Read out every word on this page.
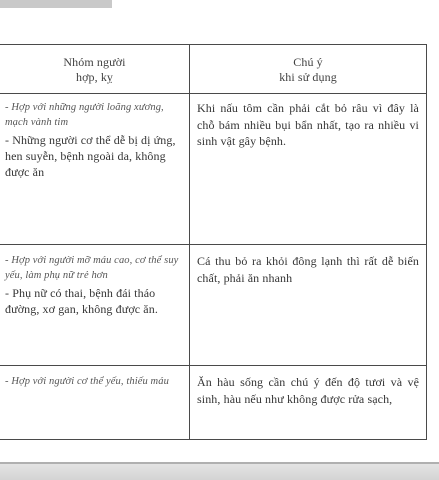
Nhóm người
hợp, kỵ
Chú ý
khi sử dụng
- Hợp với những người loãng xương, mạch vành tim
- Những người cơ thể dễ bị dị ứng, hen suyễn, bệnh ngoài da, không được ăn
Khi nấu tôm cần phải cắt bỏ râu vì đây là chỗ bám nhiều bụi bẩn nhất, tạo ra nhiều vi sinh vật gây bệnh.
- Hợp với người mỡ máu cao, cơ thể suy yếu, làm phụ nữ trẻ hơn
- Phụ nữ có thai, bệnh đái tháo đường, xơ gan, không được ăn.
Cá thu bỏ ra khỏi đông lạnh thì rất dễ biến chất, phải ăn nhanh
- Hợp với người cơ thể yếu, thiếu máu	Ăn hàu sống cần chú ý đến độ tươi và vệ sinh, hàu nếu như không được rửa sạch,
